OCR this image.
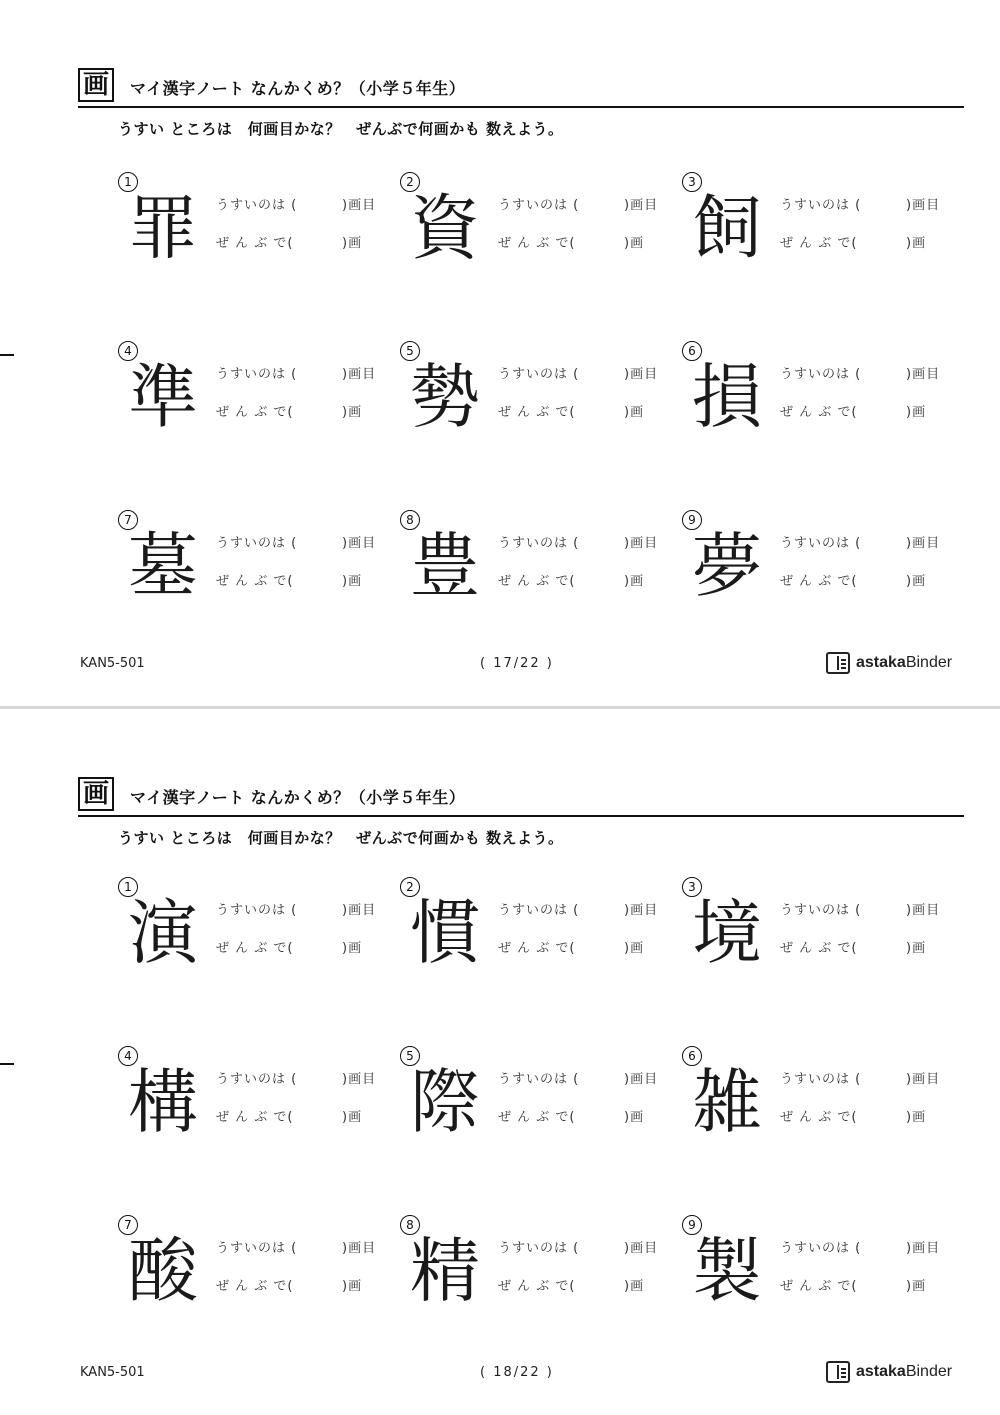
画	マイ漢字ノート なんかくめ？（小学５年生）
うすい ところは　何画目かな？　ぜんぶで何画かも 数えよう。
1
罪 うすいのは (	)画目
ぜ ん ぶ で(	)画
2
資 うすいのは (	)画目
ぜ ん ぶ で(	)画
3
飼 うすいのは (	)画目
ぜ ん ぶ で(	)画
4
準 うすいのは (	)画目
ぜ ん ぶ で(	)画
5
勢 うすいのは (	)画目
ぜ ん ぶ で(	)画
6
損 うすいのは (	)画目
ぜ ん ぶ で(	)画
7
墓 うすいのは (	)画目
ぜ ん ぶ で(	)画
8
豊 うすいのは (	)画目
ぜ ん ぶ で(	)画
9
夢 うすいのは (	)画目
ぜ ん ぶ で(	)画
KAN5-501	( 17/22 )	astakaBinder
画	マイ漢字ノート なんかくめ？（小学５年生）
うすい ところは　何画目かな？　ぜんぶで何画かも 数えよう。
1
演 うすいのは (	)画目
ぜ ん ぶ で(	)画
2
慣 うすいのは (	)画目
ぜ ん ぶ で(	)画
3
境 うすいのは (	)画目
ぜ ん ぶ で(	)画
4
構 うすいのは (	)画目
ぜ ん ぶ で(	)画
5
際 うすいのは (	)画目
ぜ ん ぶ で(	)画
6
雑 うすいのは (	)画目
ぜ ん ぶ で(	)画
7
酸 うすいのは (	)画目
ぜ ん ぶ で(	)画
8
精 うすいのは (	)画目
ぜ ん ぶ で(	)画
9
製 うすいのは (	)画目
ぜ ん ぶ で(	)画
KAN5-501	( 18/22 )	astakaBinder
